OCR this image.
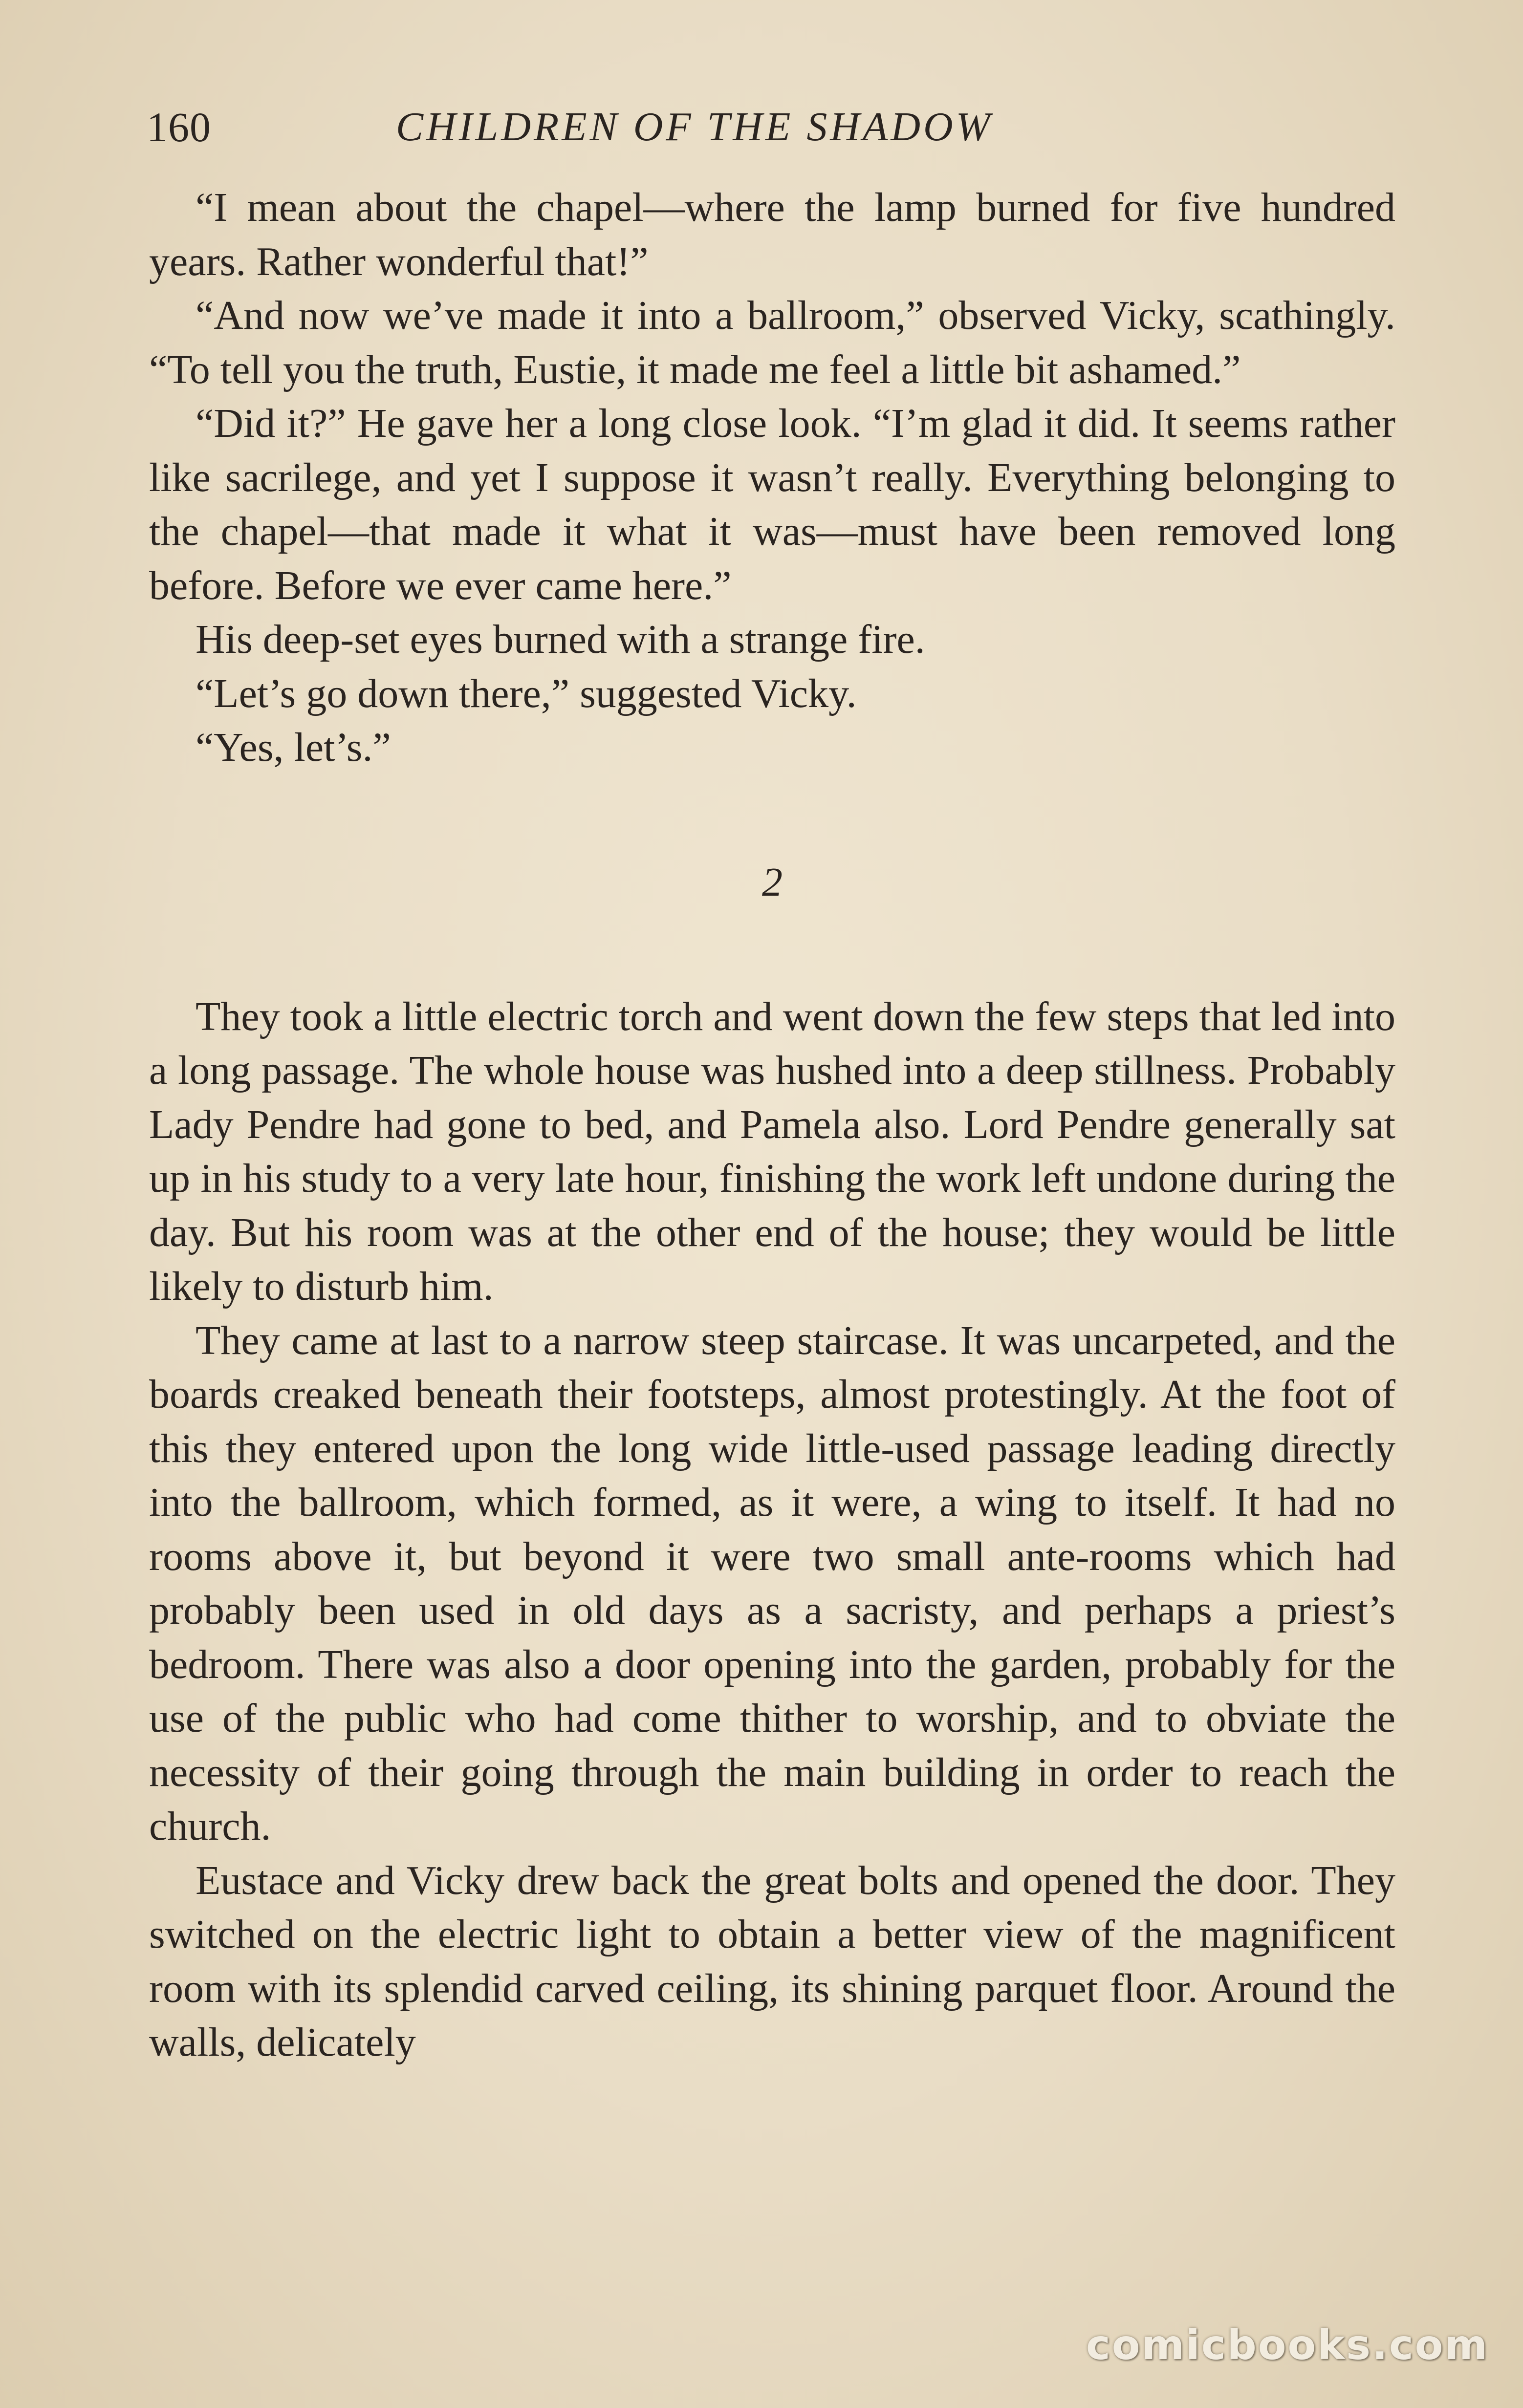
160	CHILDREN OF THE SHADOW

“I mean about the chapel—where the lamp burned for five hundred years. Rather wonderful that!”

“And now we’ve made it into a ballroom,” observed Vicky, scathingly. “To tell you the truth, Eustie, it made me feel a little bit ashamed.”

“Did it?” He gave her a long close look. “I’m glad it did. It seems rather like sacrilege, and yet I suppose it wasn’t really. Everything belonging to the chapel—that made it what it was—must have been removed long before. Before we ever came here.”

His deep-set eyes burned with a strange fire.

“Let’s go down there,” suggested Vicky.

“Yes, let’s.”

2

They took a little electric torch and went down the few steps that led into a long passage. The whole house was hushed into a deep stillness. Probably Lady Pendre had gone to bed, and Pamela also. Lord Pendre generally sat up in his study to a very late hour, finishing the work left undone during the day. But his room was at the other end of the house; they would be little likely to disturb him.

They came at last to a narrow steep staircase. It was uncarpeted, and the boards creaked beneath their footsteps, almost protestingly. At the foot of this they entered upon the long wide little-used passage leading directly into the ballroom, which formed, as it were, a wing to itself. It had no rooms above it, but beyond it were two small ante-rooms which had probably been used in old days as a sacristy, and perhaps a priest’s bedroom. There was also a door opening into the garden, probably for the use of the public who had come thither to worship, and to obviate the necessity of their going through the main building in order to reach the church.

Eustace and Vicky drew back the great bolts and opened the door. They switched on the electric light to obtain a better view of the magnificent room with its splendid carved ceiling, its shining parquet floor. Around the walls, delicately

comicbooks.com
